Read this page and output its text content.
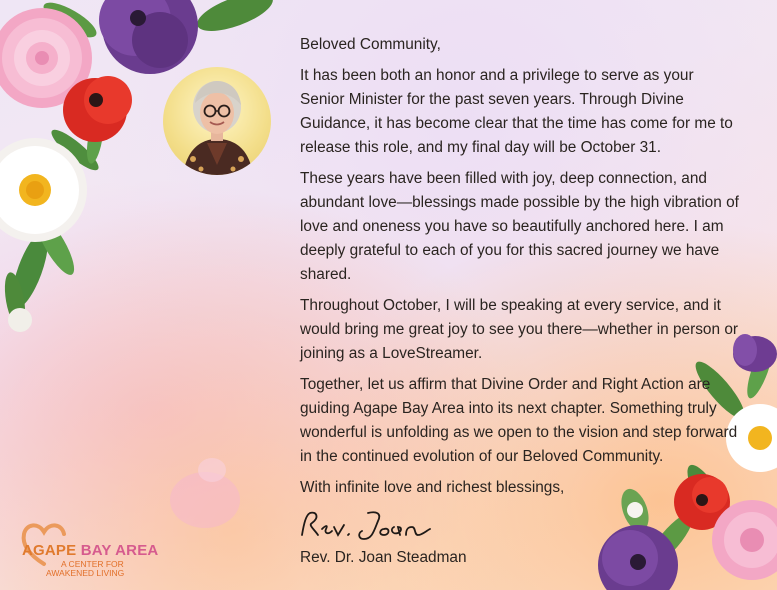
Beloved Community,

It has been both an honor and a privilege to serve as your Senior Minister for the past seven years. Through Divine Guidance, it has become clear that the time has come for me to release this role, and my final day will be October 31.

These years have been filled with joy, deep connection, and abundant love—blessings made possible by the high vibration of love and oneness you have so beautifully anchored here. I am deeply grateful to each of you for this sacred journey we have shared.

Throughout October, I will be speaking at every service, and it would bring me great joy to see you there—whether in person or joining as a LoveStreamer.

Together, let us affirm that Divine Order and Right Action are guiding Agape Bay Area into its next chapter. Something truly wonderful is unfolding as we open to the vision and step forward in the continued evolution of our Beloved Community.

With infinite love and richest blessings,

Rev. Dr. Joan Steadman
AGAPE BAY AREA
A CENTER FOR
AWAKENED LIVING
